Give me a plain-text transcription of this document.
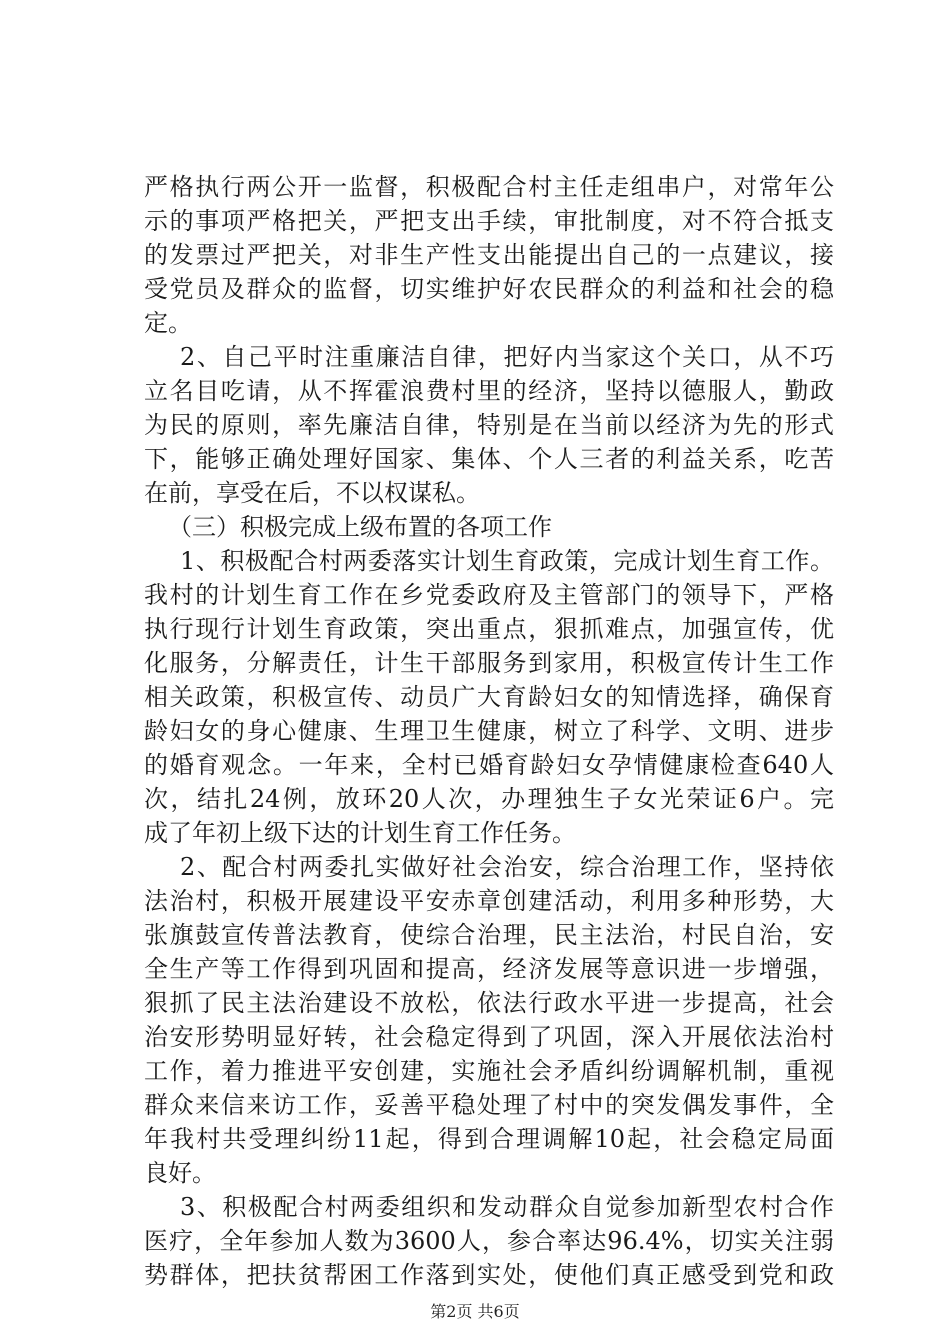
严格执行两公开一监督，积极配合村主任走组串户，对常年公
示的事项严格把关，严把支出手续，审批制度，对不符合抵支
的发票过严把关，对非生产性支出能提出自己的一点建议，接
受党员及群众的监督，切实维护好农民群众的利益和社会的稳
定。
2、自己平时注重廉洁自律，把好内当家这个关口，从不巧
立名目吃请，从不挥霍浪费村里的经济，坚持以德服人，勤政
为民的原则，率先廉洁自律，特别是在当前以经济为先的形式
下，能够正确处理好国家、集体、个人三者的利益关系，吃苦
在前，享受在后，不以权谋私。
（三）积极完成上级布置的各项工作
1、积极配合村两委落实计划生育政策，完成计划生育工作。
我村的计划生育工作在乡党委政府及主管部门的领导下，严格
执行现行计划生育政策，突出重点，狠抓难点，加强宣传，优
化服务，分解责任，计生干部服务到家用，积极宣传计生工作
相关政策，积极宣传、动员广大育龄妇女的知情选择，确保育
龄妇女的身心健康、生理卫生健康，树立了科学、文明、进步
的婚育观念。一年来，全村已婚育龄妇女孕情健康检查640人
次，结扎24例，放环20人次，办理独生子女光荣证6户。完
成了年初上级下达的计划生育工作任务。
2、配合村两委扎实做好社会治安，综合治理工作，坚持依
法治村，积极开展建设平安赤章创建活动，利用多种形势，大
张旗鼓宣传普法教育，使综合治理，民主法治，村民自治，安
全生产等工作得到巩固和提高，经济发展等意识进一步增强，
狠抓了民主法治建设不放松，依法行政水平进一步提高，社会
治安形势明显好转，社会稳定得到了巩固，深入开展依法治村
工作，着力推进平安创建，实施社会矛盾纠纷调解机制，重视
群众来信来访工作，妥善平稳处理了村中的突发偶发事件，全
年我村共受理纠纷11起，得到合理调解10起，社会稳定局面
良好。
3、积极配合村两委组织和发动群众自觉参加新型农村合作
医疗，全年参加人数为3600人，参合率达96.4%，切实关注弱
势群体，把扶贫帮困工作落到实处，使他们真正感受到党和政
第2页 共6页
